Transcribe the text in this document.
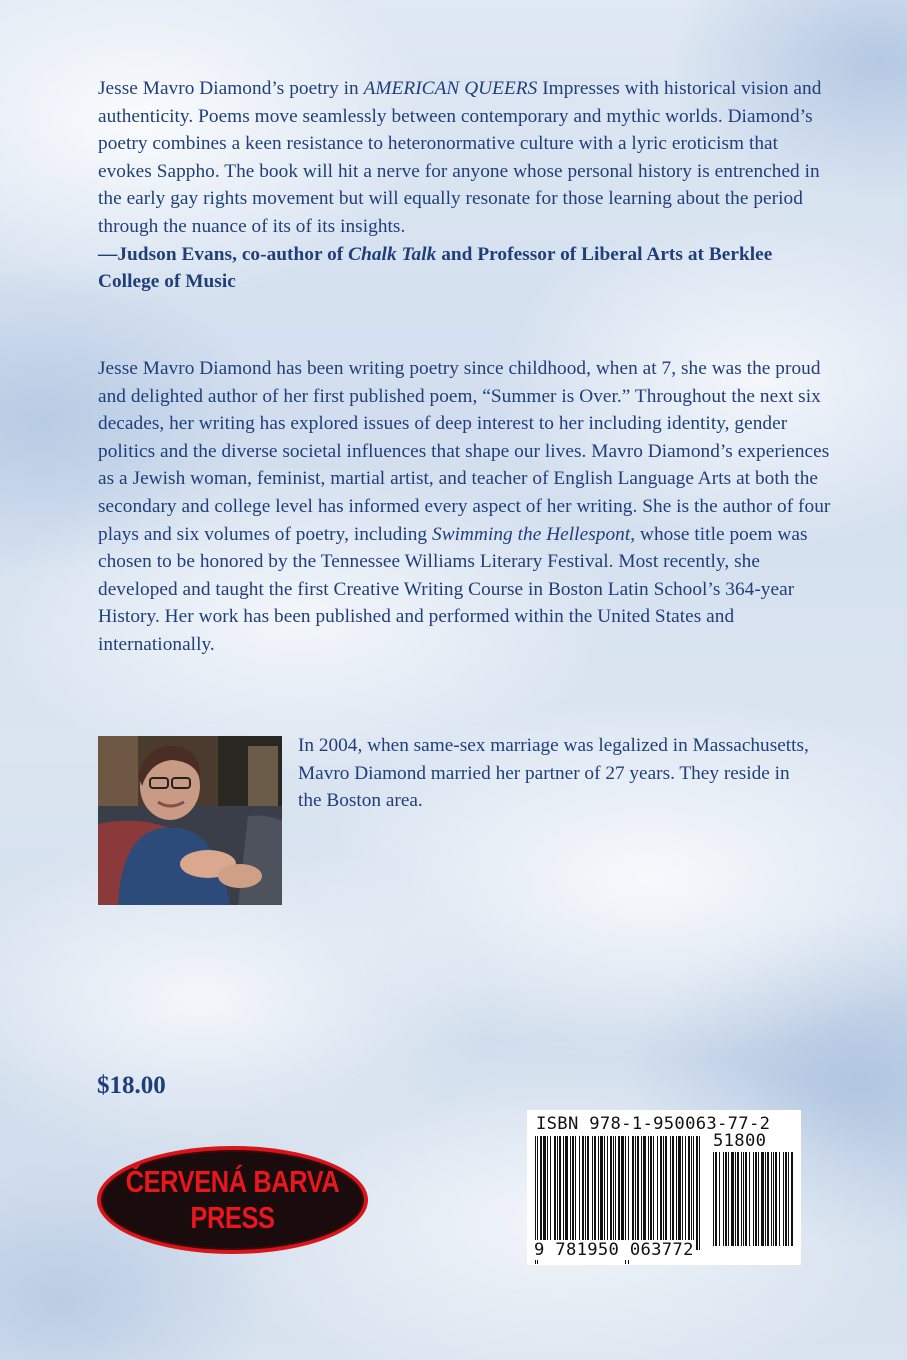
Jesse Mavro Diamond’s poetry in AMERICAN QUEERS Impresses with historical vision and authenticity. Poems move seamlessly between contemporary and mythic worlds. Diamond’s poetry combines a keen resistance to heteronormative culture with a lyric eroticism that evokes Sappho. The book will hit a nerve for anyone whose personal history is entrenched in the early gay rights movement but will equally resonate for those learning about the period through the nuance of its of its insights.

—Judson Evans, co-author of Chalk Talk and Professor of Liberal Arts at Berklee College of Music

Jesse Mavro Diamond has been writing poetry since childhood, when at 7, she was the proud and delighted author of her first published poem, “Summer is Over.” Throughout the next six decades, her writing has explored issues of deep interest to her including identity, gender politics and the diverse societal influences that shape our lives. Mavro Diamond’s experiences as a Jewish woman, feminist, martial artist, and teacher of English Language Arts at both the secondary and college level has informed every aspect of her writing. She is the author of four plays and six volumes of poetry, including Swimming the Hellespont, whose title poem was chosen to be honored by the Tennessee Williams Literary Festival. Most recently, she developed and taught the first Creative Writing Course in Boston Latin School’s 364-year History. Her work has been published and performed within the United States and internationally.

In 2004, when same-sex marriage was legalized in Massachusetts, Mavro Diamond married her partner of 27 years. They reside in the Boston area.

$18.00

ČERVENÁ BARVA
PRESS

ISBN 978-1-950063-77-2

51800

9 781950 063772
